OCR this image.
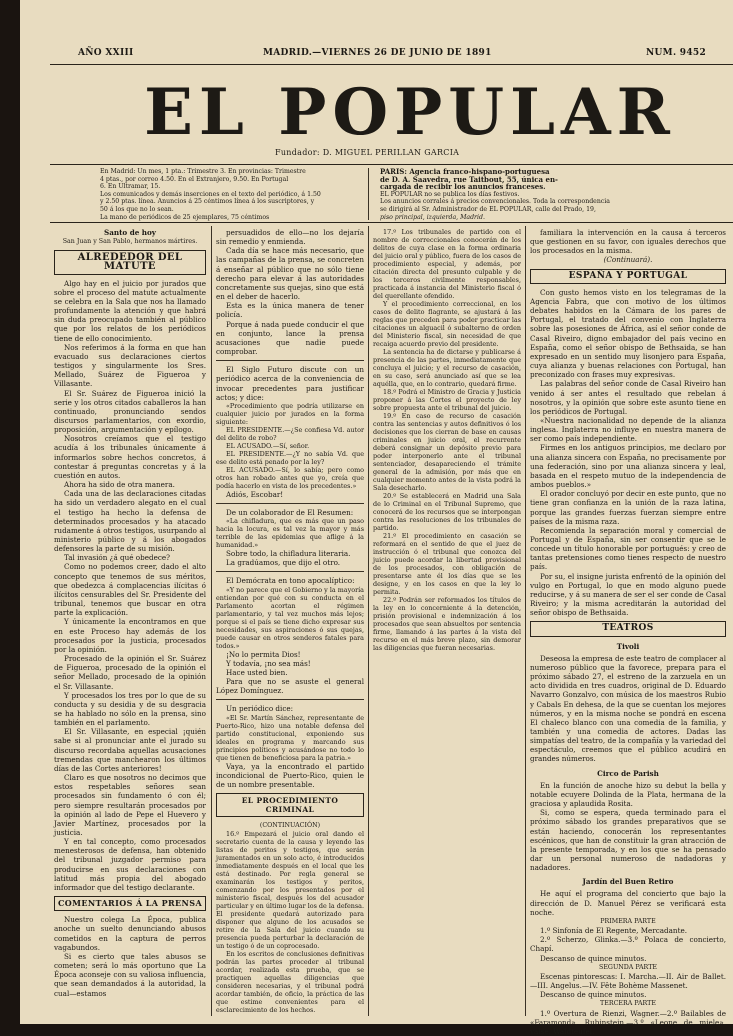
AÑO XXIII	MADRID.—VIERNES 26 DE JUNIO DE 1891	NUM. 9452
EL POPULAR
Fundador: D. MIGUEL PERILLAN GARCIA
En Madrid: Un mes, 1 pta.: Trimestre 3. En provincias: Trimestre
4 ptas., por correo 4.50. En el Extranjero, 9.50. En Portugal
6. En Ultramar, 15.
Los comunicados y demás inserciones en el texto del periódico, á 1.50
y 2.50 ptas. línea. Anuncios á 25 céntimos línea á los suscriptores, y
50 á los que no lo sean.
La mano de periódicos de 25 ejemplares, 75 céntimos
PARIS: Agencia franco-hispano-portuguesa
de D. A. Saavedra, rue Taitbout, 55, única en-
cargada de recibir los anuncios franceses.
EL POPULAR no se publica los días festivos.
Los anuncios corrales á precios convencionales. Toda la correspondencia
se dirigirá al Sr. Administrador de EL POPULAR, calle del Prado, 19,
piso principal, izquierda, Madrid.
Santo de hoy
San Juan y San Pablo, hermanos mártires.
ALREDEDOR DEL MATUTE

Algo hay en el juicio por jurados que sobre el proceso del matute actualmente se celebra en la Sala que nos ha llamado profundamente la atención y que habrá sin duda preocupado también al público que por los relatos de los periódicos tiene de ello conocimiento.

Nos referimos á la forma en que han evacuado sus declaraciones ciertos testigos y singularmente los Sres. Mellado, Suárez de Figueroa y Villasante.

El Sr. Suárez de Figueroa inició la serie y los otros citados caballeros la han continuado, pronunciando sendos discursos parlamentarios, con exordio, proposición, argumentación y epílogo.

Nosotros creíamos que el testigo acudía á los tribunales únicamente á informarlos sobre hechos concretos, á contestar á preguntas concretas y á la cuestión en autos.

Ahora ha sido de otra manera.

Cada una de las declaraciones citadas ha sido un verdadero alegato en el cual el testigo ha hecho la defensa de determinados procesados y ha atacado rudamente á otros testigos, usurpando al ministerio público y á los abogados defensores la parte de su misión.

Tal invasión ¿á qué obedece?

Como no podemos creer, dado el alto concepto que tenemos de sus méritos, que obedezca á complacencias ilícitas ó ilícitos censurables del Sr. Presidente del tribunal, tenemos que buscar en otra parte la explicación.

Y únicamente la encontramos en que en este Proceso hay además de los procesados por la justicia, procesados por la opinión.

Procesado de la opinión el Sr. Suárez de Figueroa, procesado de la opinión el señor Mellado, procesado de la opinión el Sr. Villasante.

Y procesados los tres por lo que de su conducta y su desidia y de su desgracia se ha hablado no sólo en la prensa, sino también en el parlamento.

El Sr. Villasante, en especial ¡quién sabe si al pronunciar ante el jurado su discurso recordaba aquellas acusaciones tremendas que manchearon los últimos días de las Cortes anteriores!

Claro es que nosotros no decimos que estos respetables señores sean procesados sin fundamento ó con él; pero siempre resultarán procesados por la opinión al lado de Pepe el Huevero y Javier Martínez, procesados por la justicia.

Y en tal concepto, como procesados menesterosos de defensa, han obtenido del tribunal juzgador permiso para producirse en sus declaraciones con latitud más propia del abogado informador que del testigo declarante.

COMENTARIOS Á LA PRENSA

Nuestro colega La Época, publica anoche un suelto denunciando abusos cometidos en la captura de perros vagabundos.

Si es cierto que tales abusos se cometen; será lo más oportuno que La Época aconseje con su valiosa influencia, que sean demandados á la autoridad, la cual—estamos

persuadidos de ello—no los dejaría sin remedio y enmienda.

Cada día se hace más necesario, que las campañas de la prensa, se concreten á enseñar al público que no sólo tiene derecho para elevar á las autoridades concretamente sus quejas, sino que está en el deber de hacerlo.

Esta es la única manera de tener policía.

Porque á nada puede conducir el que en conjunto, lance la prensa acusaciones que nadie puede comprobar.

El Siglo Futuro discute con un periódico acerca de la conveniencia de invocar precedentes para justificar actos; y dice:

«Procedimiento que podría utilizarse en cualquier juicio por jurados en la forma siguiente:

EL PRESIDENTE.—¿Se confiesa Vd. autor del delito de robo?

EL ACUSADO.—Sí, señor.

EL PRESIDENTE.—¿Y no sabía Vd. que ese delito está penado por la ley?

EL ACUSADO.—Sí, lo sabía; pero como otros han robado antes que yo, creía que podía hacerlo en vista de los precedentes.»

Adiós, Escobar!

De un colaborador de El Resumen:

«La chifladura, que es más que un paso hacia la locura, es tal vez la mayor y más terrible de las epidemias que aflige á la humanidad.»

Sobre todo, la chifladura literaria.

La gradúamos, que dijo el otro.

El Demócrata en tono apocalíptico:

«Y no parece que el Gobierno y la mayoría entiendan por qué con su conducta en el Parlamento acortan el régimen parlamentario, y tal vez muchos más lejos; porque si el país se tiene dicho expresar sus necesidades, sus aspiraciones ó sus quejas, puede causar en otros senderos fatales para todos.»

¡No lo permita Dios!

Y todavía, ¡no sea más!

Hace usted bien.

Para que no se asuste el general López Domínguez.

Un periódico dice:

«El Sr. Martín Sánchez, representante de Puerto-Rico, hizo una notable defensa del partido constitucional, exponiendo sus ideales en programa y marcando sus principios políticos y acusándose no todo lo que tienen de beneficiosa para la patria.»

Vaya, ya la encontrado el partido incondicional de Puerto-Rico, quien le de un nombre presentable.

EL PROCEDIMIENTO CRIMINAL
(CONTINUACIÓN)

16.º Empezará el juicio oral dando el secretario cuenta de la causa y leyendo las listas de peritos y testigos, que serán juramentados en un solo acto, é introducidos inmediatamente después en el local que les está destinado. Por regla general se examinarán los testigos y peritos, comenzando por los presentados por el ministerio fiscal, después los del acusador particular y en último lugar los de la defensa. El presidente quedará autorizado para disponer que alguno de los acusados se retire de la Sala del juicio cuando su presencia pueda perturbar la declaración de un testigo ó de un coprocesado.

En los escritos de conclusiones definitivas podrán las partes proceder al tribunal acordar, realizada esta prueba, que se practiquen aquellas diligencias que consideren necesarias, y el tribunal podrá acordar también, de oficio, la práctica de las que estime convenientes para el esclarecimiento de los hechos.

17.º Los tribunales de partido con el nombre de correccionales conocerán de los delitos de cuya clase en la forma ordinaria del juicio oral y público, fuera de los casos de procedimiento especial, y además, por citación directa del presunto culpable y de los terceros civilmente responsables, practicada á instancia del Ministerio fiscal ó del querellante ofendido.

Y el procedimiento correccional, en los casos de delito flagrante, se ajustará á las reglas que preceden para poder practicar las citaciones un alguacil ó subalterno de orden del Ministerio fiscal, sin necesidad de que recaiga acuerdo previo del presidente.

La sentencia ha de dictarse y publicarse á presencia de las partes, inmediatamente que concluya el juicio; y el recurso de casación, en su caso, será anunciado así que se lea aquélla, que, en lo contrario, quedará firme.

18.º Podrá el Ministro de Gracia y Justicia proponer á las Cortes el proyecto de ley sobre propuesta ante el tribunal del juicio.

19.º En caso de recurso de casación contra las sentencias y autos definitivos ó los decisiones que los cierran de base en causas criminales en juicio oral, el recurrente deberá consignar un depósito previo para poder interponerlo ante el tribunal sentenciador, desapareciendo el trámite general de la admisión, por más que en cualquier momento antes de la vista podrá la Sala desecharlo.

20.º Se establecerá en Madrid una Sala de lo Criminal en el Tribunal Supremo, que conocerá de los recursos que se interpongan contra las resoluciones de los tribunales de partido.

21.º El procedimiento en casación se reformará en el sentido de que el juez de instrucción ó el tribunal que conozca del juicio puede acordar la libertad provisional de los procesados, con obligación de presentarse ante él los días que se les designe, y en los casos en que la ley lo permita.

22.º Podrán ser reformados los títulos de la ley en lo concerniente á la detención, prisión provisional e indemnización á los procesados que sean absueltos por sentencia firme, llamando á las partes á la vista del recurso en el más breve plazo, sin demorar las diligencias que fueran necesarias.

familiara la intervención en la causa á terceros que gestionen en su favor, con iguales derechos que los procesados en la misma.

(Continuará).
ESPAÑA Y PORTUGAL

Con gusto hemos visto en los telegramas de la Agencia Fabra, que con motivo de los últimos debates habidos en la Cámara de los pares de Portugal, el tratado del convenio con Inglaterra sobre las posesiones de África, así el señor conde de Casal Riveiro, digno embajador del país vecino en España, como el señor obispo de Bethsaida, se han expresado en un sentido muy lisonjero para España, cuya alianza y buenas relaciones con Portugal, han preconizado con frases muy expresivas.

Las palabras del señor conde de Casal Riveiro han venido á ser antes el resultado que rebelan á nosotros, y la opinión que sobre este asunto tiene en los periódicos de Portugal.

«Nuestra nacionalidad no depende de la alianza inglesa. Inglaterra no influye en nuestra manera de ser como país independiente.

Firmes en los antiguos principios, me declaro por una alianza sincera con España, no precisamente por una federación, sino por una alianza sincera y leal, basada en el respeto mutuo de la independencia de ambos pueblos.»

El orador concluyó por decir en este punto, que no tiene gran confianza en la unión de la raza latina, porque las grandes fuerzas fuerzan siempre entre países de la misma raza.

Recomienda la separación moral y comercial de Portugal y de España, sin ser consentir que se le concede un título honorable por portugués: y creo de tantas pretensiones como tienes respecto de nuestro país.

Por su, el insigne jurista enfrentó de la opinión del vulgo en Portugal, lo que en modo alguno puede reducirse, y á su manera de ser el ser conde de Casal Riveiro; y la misma acreditarán la autoridad del señor obispo de Bethsaida.

TEATROS
Tivoli

Deseosa la empresa de este teatro de complacer al numeroso público que la favorece, prepara para el próximo sábado 27, el estreno de la zarzuela en un acto dividida en tres cuadros, original de D. Eduardo Navarro Gonzalvo, con música de los maestros Rubio y Cabals En dehesa, de la que se cuentan los mejores números, y en la misma noche se pondrá en escena El chaleco blanco con una comedia de la familia, y también y una comedia de actores. Dadas las simpatías del teatro, de la compañía y la variedad del espectáculo, creemos que el público acudirá en grandes números.

Circo de Parish

En la función de anoche hizo su debut la bella y notable ecuyere Dolinda de la Plata, hermana de la graciosa y aplaudida Rosita.

Si, como se espera, queda terminado para el próximo sábado los grandes preparativos que se están haciendo, conocerán los representantes escénicos, que han de constituir la gran atracción de la presente temporada, y en los que se ha pensado dar un personal numeroso de nadadoras y nadadores.

Jardín del Buen Retiro

He aquí el programa del concierto que bajo la dirección de D. Manuel Pérez se verificará esta noche.

PRIMERA PARTE

1.º Sinfonía de El Regente, Mercadante.

2.º Scherzo, Glinka.—3.º Polaca de concierto, Chapí.

Descanso de quince minutos.

SEGUNDA PARTE

Escenas pintorescas: I. Marcha.—II. Air de Ballet.—III. Angelus.—IV. Fête Bohème Massenet.

Descanso de quince minutos.

TERCERA PARTE

1.º Overtura de Rienzi, Wagner.—2.º Bailables de «Faramond», Rubinstein.—3.º «Leone de miele», valse, Waldteufel.
